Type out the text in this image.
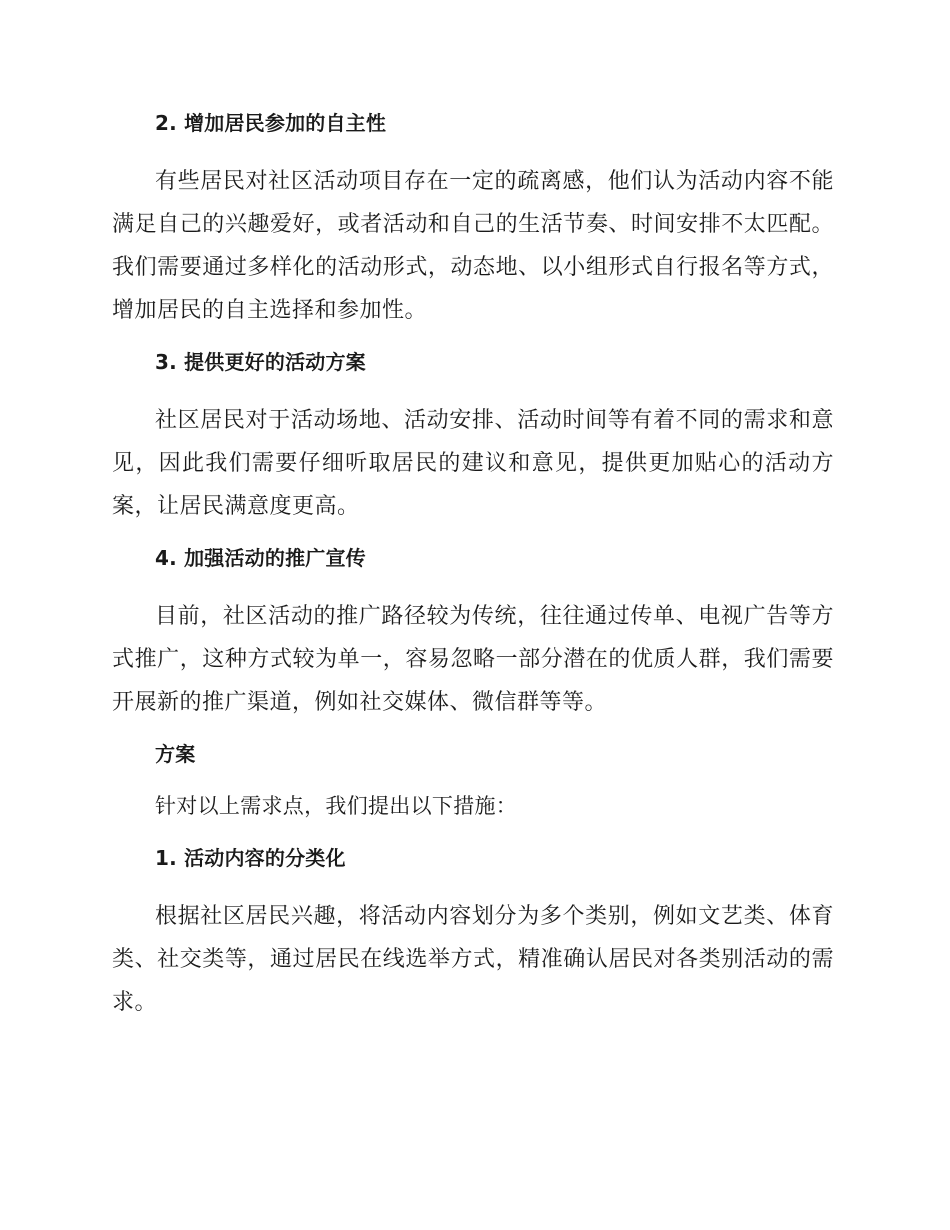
2. 增加居民参加的自主性

有些居民对社区活动项目存在一定的疏离感，他们认为活动内容不能满足自己的兴趣爱好，或者活动和自己的生活节奏、时间安排不太匹配。我们需要通过多样化的活动形式，动态地、以小组形式自行报名等方式，增加居民的自主选择和参加性。

3. 提供更好的活动方案

社区居民对于活动场地、活动安排、活动时间等有着不同的需求和意见，因此我们需要仔细听取居民的建议和意见，提供更加贴心的活动方案，让居民满意度更高。

4. 加强活动的推广宣传

目前，社区活动的推广路径较为传统，往往通过传单、电视广告等方式推广，这种方式较为单一，容易忽略一部分潜在的优质人群，我们需要开展新的推广渠道，例如社交媒体、微信群等等。

方案
针对以上需求点，我们提出以下措施：
1. 活动内容的分类化

根据社区居民兴趣，将活动内容划分为多个类别，例如文艺类、体育类、社交类等，通过居民在线选举方式，精准确认居民对各类别活动的需求。
